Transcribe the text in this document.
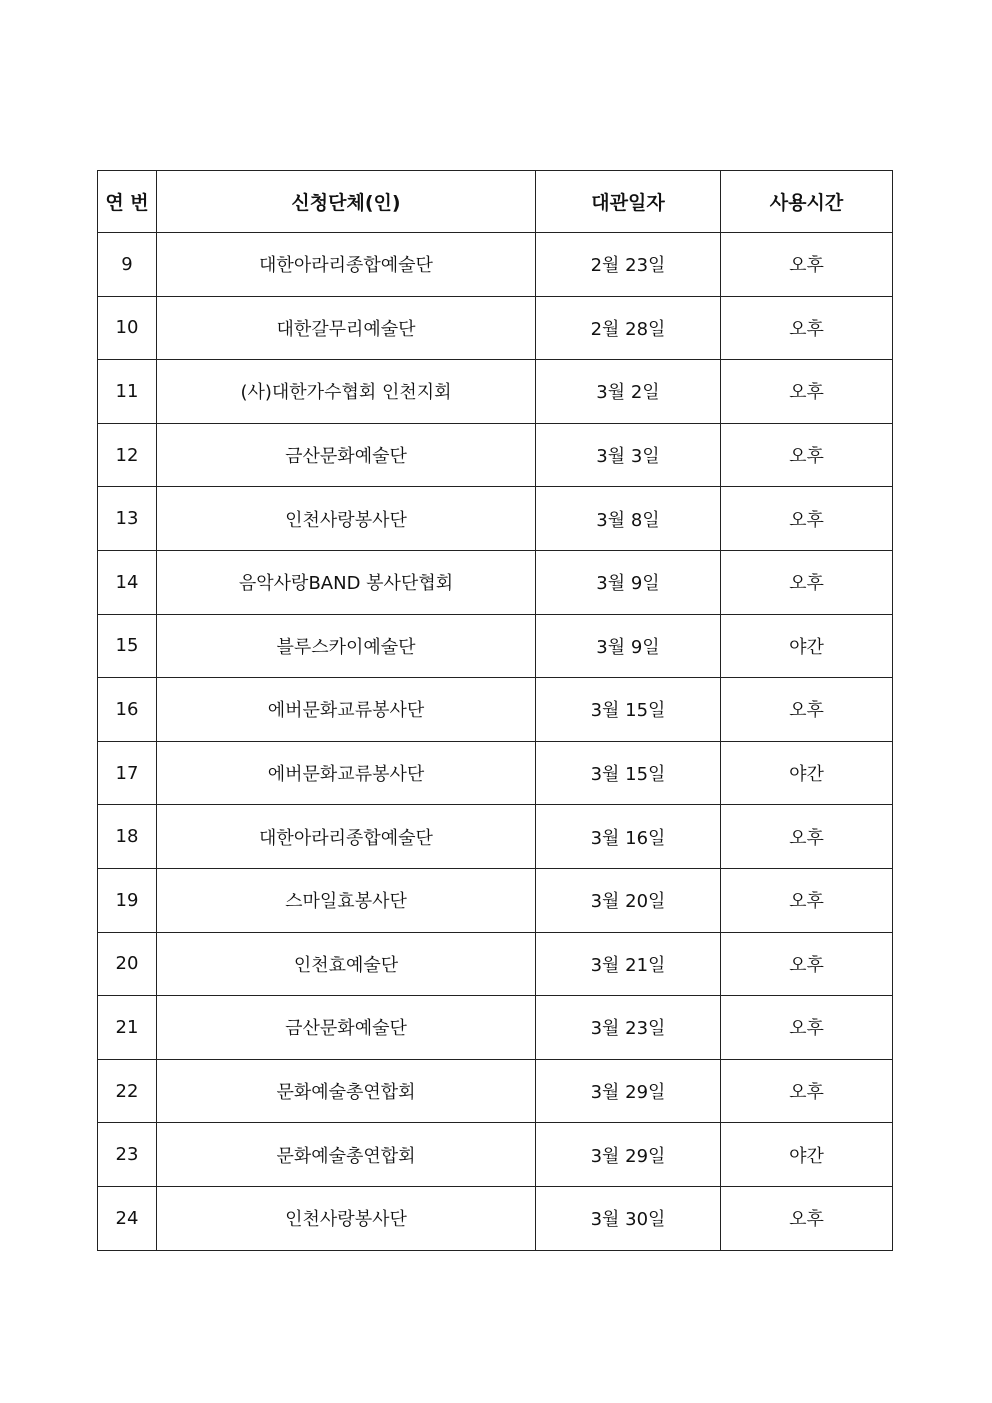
연 번	신청단체(인)	대관일자	사용시간
9	대한아라리종합예술단	2월 23일	오후
10	대한갈무리예술단	2월 28일	오후
11	(사)대한가수협회 인천지회	3월 2일	오후
12	금산문화예술단	3월 3일	오후
13	인천사랑봉사단	3월 8일	오후
14	음악사랑BAND 봉사단협회	3월 9일	오후
15	블루스카이예술단	3월 9일	야간
16	에버문화교류봉사단	3월 15일	오후
17	에버문화교류봉사단	3월 15일	야간
18	대한아라리종합예술단	3월 16일	오후
19	스마일효봉사단	3월 20일	오후
20	인천효예술단	3월 21일	오후
21	금산문화예술단	3월 23일	오후
22	문화예술총연합회	3월 29일	오후
23	문화예술총연합회	3월 29일	야간
24	인천사랑봉사단	3월 30일	오후
